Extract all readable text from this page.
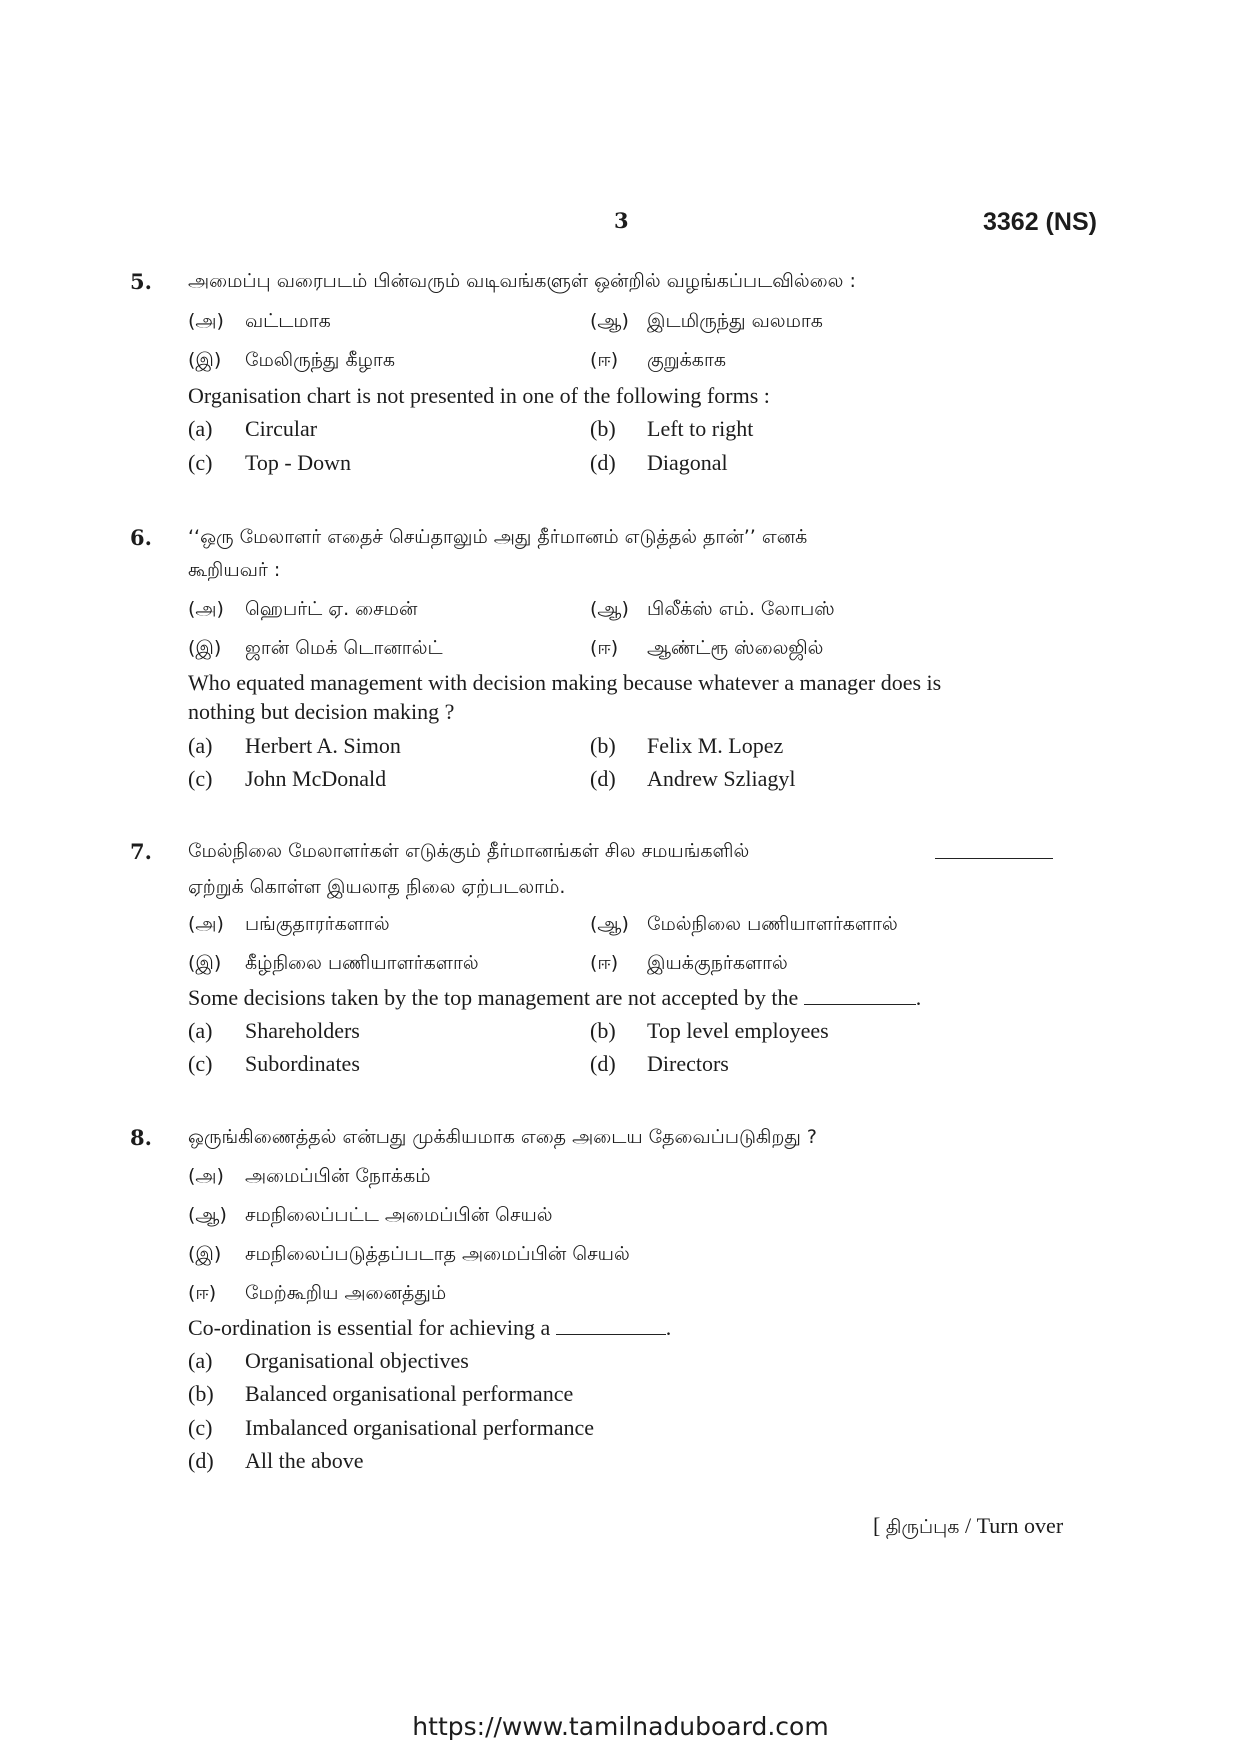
3	3362 (NS)
5. அமைப்பு வரைபடம் பின்வரும் வடிவங்களுள் ஒன்றில் வழங்கப்படவில்லை :
(அ) வட்டமாக	(ஆ) இடமிருந்து வலமாக
(இ) மேலிருந்து கீழாக	(ஈ) குறுக்காக
Organisation chart is not presented in one of the following forms :
(a) Circular	(b) Left to right
(c) Top - Down	(d) Diagonal
6. ‘‘ஒரு மேலாளர் எதைச் செய்தாலும் அது தீர்மானம் எடுத்தல் தான்’’ எனக்
கூறியவர் :
(அ) ஹெபர்ட் ஏ. சைமன்	(ஆ) பிலீக்ஸ் எம். லோபஸ்
(இ) ஜான் மெக் டொனால்ட்	(ஈ) ஆண்ட்ரூ ஸ்லைஜில்
Who equated management with decision making because whatever a manager does is
nothing but decision making ?
(a) Herbert A. Simon	(b) Felix M. Lopez
(c) John McDonald	(d) Andrew Szliagyl
7. மேல்நிலை மேலாளர்கள் எடுக்கும் தீர்மானங்கள் சில சமயங்களில்
ஏற்றுக் கொள்ள இயலாத நிலை ஏற்படலாம்.
(அ) பங்குதாரர்களால்	(ஆ) மேல்நிலை பணியாளர்களால்
(இ) கீழ்நிலை பணியாளர்களால்	(ஈ) இயக்குநர்களால்
Some decisions taken by the top management are not accepted by the	.
(a) Shareholders	(b) Top level employees
(c) Subordinates	(d) Directors
8. ஒருங்கிணைத்தல் என்பது முக்கியமாக எதை அடைய தேவைப்படுகிறது ?
(அ) அமைப்பின் நோக்கம்
(ஆ) சமநிலைப்பட்ட அமைப்பின் செயல்
(இ) சமநிலைப்படுத்தப்படாத அமைப்பின் செயல்
(ஈ) மேற்கூறிய அனைத்தும்
Co-ordination is essential for achieving a	.
(a) Organisational objectives
(b) Balanced organisational performance
(c) Imbalanced organisational performance
(d) All the above
[ திருப்புக / Turn over
https://www.tamilnaduboard.com
